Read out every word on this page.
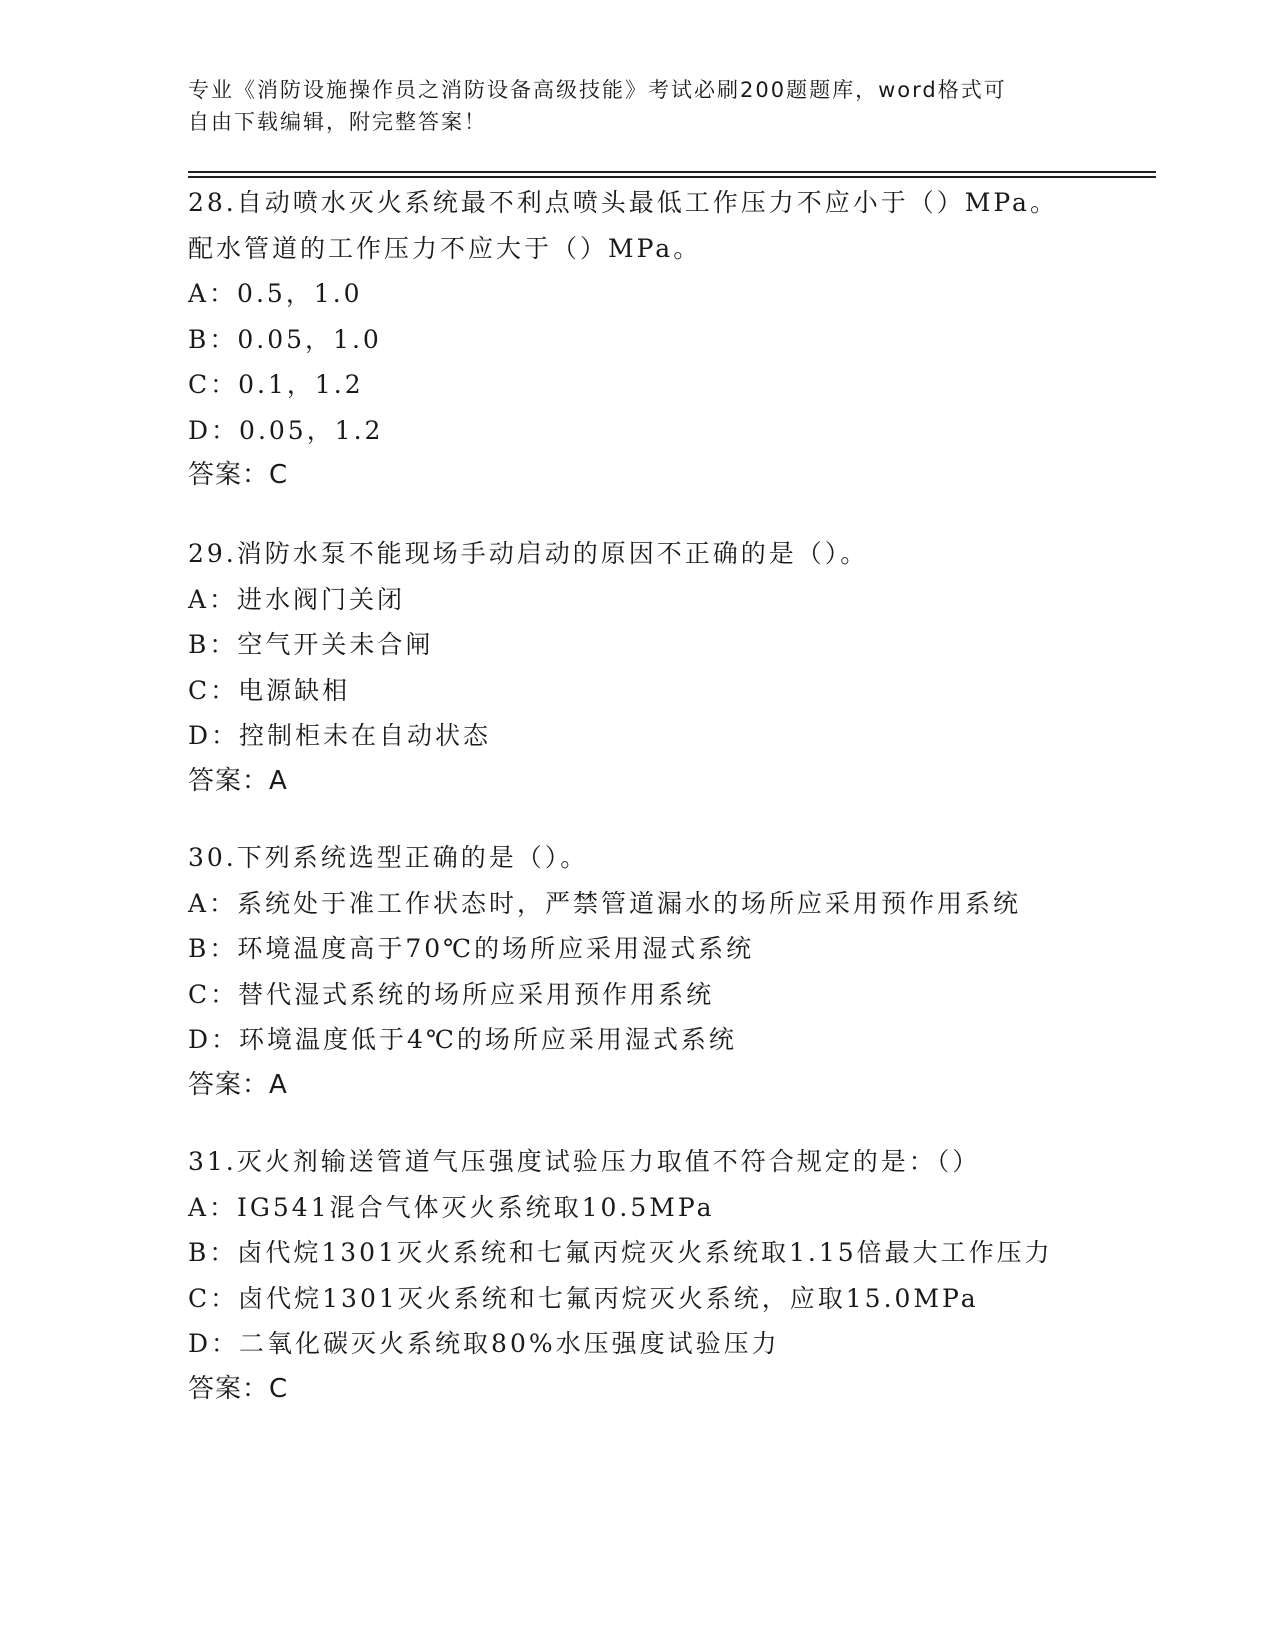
专业《消防设施操作员之消防设备高级技能》考试必刷200题题库，word格式可

自由下载编辑，附完整答案！

28.自动喷水灭火系统最不利点喷头最低工作压力不应小于（）MPa。
配水管道的工作压力不应大于（）MPa。
A：0.5，1.0
B：0.05，1.0
C：0.1，1.2
D：0.05，1.2
答案：C
29.消防水泵不能现场手动启动的原因不正确的是（）。
A：进水阀门关闭
B：空气开关未合闸
C：电源缺相
D：控制柜未在自动状态
答案：A
30.下列系统选型正确的是（）。
A：系统处于准工作状态时，严禁管道漏水的场所应采用预作用系统
B：环境温度高于70℃的场所应采用湿式系统
C：替代湿式系统的场所应采用预作用系统
D：环境温度低于4℃的场所应采用湿式系统
答案：A
31.灭火剂输送管道气压强度试验压力取值不符合规定的是：（）
A：IG541混合气体灭火系统取10.5MPa
B：卤代烷1301灭火系统和七氟丙烷灭火系统取1.15倍最大工作压力
C：卤代烷1301灭火系统和七氟丙烷灭火系统，应取15.0MPa
D：二氧化碳灭火系统取80%水压强度试验压力
答案：C
